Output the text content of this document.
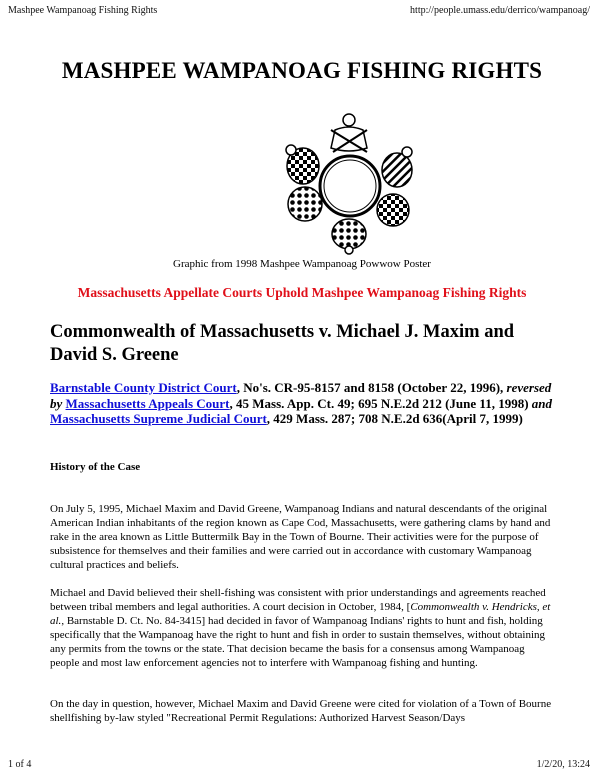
Mashpee Wampanoag Fishing Rights	http://people.umass.edu/derrico/wampanoag/
MASHPEE WAMPANOAG FISHING RIGHTS
Graphic from 1998 Mashpee Wampanoag Powwow Poster
Massachusetts Appellate Courts Uphold Mashpee Wampanoag Fishing Rights
Commonwealth of Massachusetts v. Michael J. Maxim and David S. Greene
Barnstable County District Court, No's. CR-95-8157 and 8158 (October 22, 1996), reversed by Massachusetts Appeals Court, 45 Mass. App. Ct. 49; 695 N.E.2d 212 (June 11, 1998) and Massachusetts Supreme Judicial Court, 429 Mass. 287; 708 N.E.2d 636(April 7, 1999)
History of the Case

On July 5, 1995, Michael Maxim and David Greene, Wampanoag Indians and natural descendants of the original American Indian inhabitants of the region known as Cape Cod, Massachusetts, were gathering clams by hand and rake in the area known as Little Buttermilk Bay in the Town of Bourne. Their activities were for the purpose of subsistence for themselves and their families and were carried out in accordance with customary Wampanoag cultural practices and beliefs.

Michael and David believed their shell-fishing was consistent with prior understandings and agreements reached between tribal members and legal authorities. A court decision in October, 1984, [Commonwealth v. Hendricks, et al., Barnstable D. Ct. No. 84-3415] had decided in favor of Wampanoag Indians' rights to hunt and fish, holding specifically that the Wampanoag have the right to hunt and fish in order to sustain themselves, without obtaining any permits from the towns or the state. That decision became the basis for a consensus among Wampanoag people and most law enforcement agencies not to interfere with Wampanoag fishing and hunting.

On the day in question, however, Michael Maxim and David Greene were cited for violation of a Town of Bourne shellfishing by-law styled "Recreational Permit Regulations: Authorized Harvest Season/Days

1 of 4	1/2/20, 13:24
